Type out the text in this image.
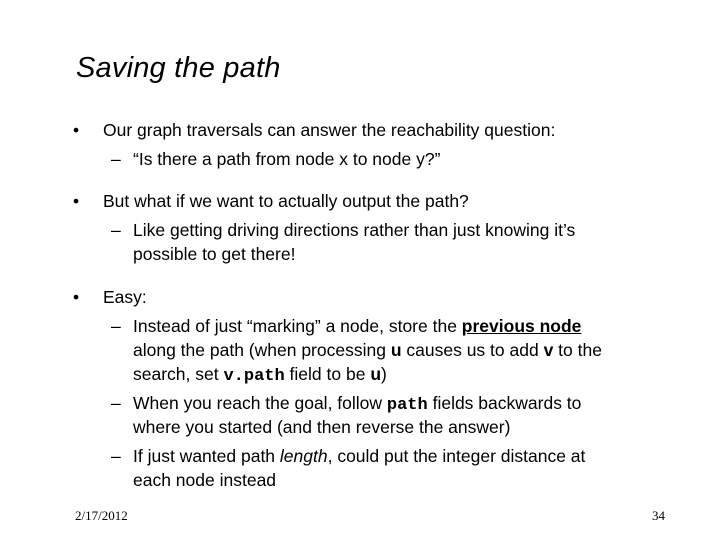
Saving the path
• Our graph traversals can answer the reachability question:
– “Is there a path from node x to node y?”
• But what if we want to actually output the path?
– Like getting driving directions rather than just knowing it’s
possible to get there!
• Easy:
– Instead of just “marking” a node, store the previous node
along the path (when processing u causes us to add v to the
search, set v.path field to be u)
– When you reach the goal, follow path fields backwards to
where you started (and then reverse the answer)
– If just wanted path length, could put the integer distance at
each node instead
2/17/2012	34
